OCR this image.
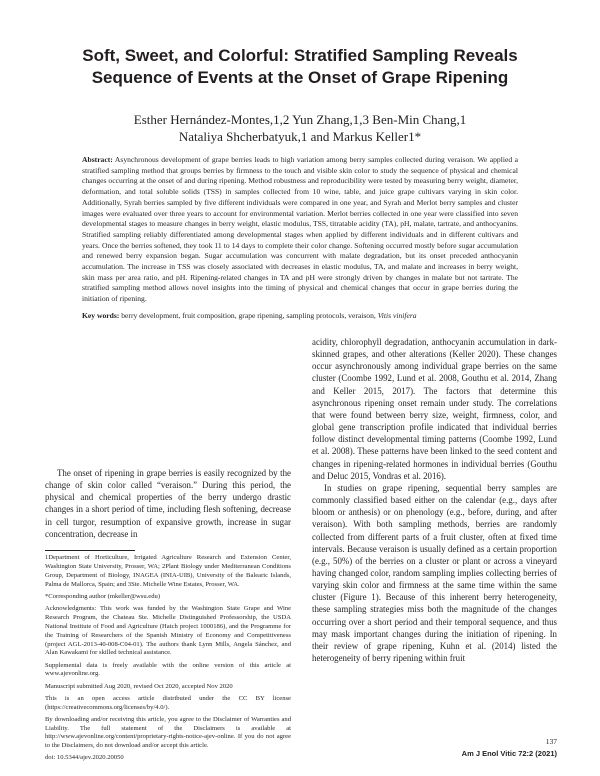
Soft, Sweet, and Colorful: Stratified Sampling Reveals
Sequence of Events at the Onset of Grape Ripening
Esther Hernández-Montes,1,2 Yun Zhang,1,3 Ben-Min Chang,1
Nataliya Shcherbatyuk,1 and Markus Keller1*

Abstract: Asynchronous development of grape berries leads to high variation among berry samples collected during veraison. We applied a stratified sampling method that groups berries by firmness to the touch and visible skin color to study the sequence of physical and chemical changes occurring at the onset of and during ripening. Method robustness and reproducibility were tested by measuring berry weight, diameter, deformation, and total soluble solids (TSS) in samples collected from 10 wine, table, and juice grape cultivars varying in skin color. Additionally, Syrah berries sampled by five different individuals were compared in one year, and Syrah and Merlot berry samples and cluster images were evaluated over three years to account for environmental variation. Merlot berries collected in one year were classified into seven developmental stages to measure changes in berry weight, elastic modulus, TSS, titratable acidity (TA), pH, malate, tartrate, and anthocyanins. Stratified sampling reliably differentiated among developmental stages when applied by different individuals and in different cultivars and years. Once the berries softened, they took 11 to 14 days to complete their color change. Softening occurred mostly before sugar accumulation and renewed berry expansion began. Sugar accumulation was concurrent with malate degradation, but its onset preceded anthocyanin accumulation. The increase in TSS was closely associated with decreases in elastic modulus, TA, and malate and increases in berry weight, skin mass per area ratio, and pH. Ripening-related changes in TA and pH were strongly driven by changes in malate but not tartrate. The stratified sampling method allows novel insights into the timing of physical and chemical changes that occur in grape berries during the initiation of ripening.

Key words: berry development, fruit composition, grape ripening, sampling protocols, veraison, Vitis vinifera

The onset of ripening in grape berries is easily recognized by the change of skin color called “veraison.” During this period, the physical and chemical properties of the berry undergo drastic changes in a short period of time, including flesh softening, decrease in cell turgor, resumption of expansive growth, increase in sugar concentration, decrease in

1Department of Horticulture, Irrigated Agriculture Research and Extension Center, Washington State University, Prosser, WA; 2Plant Biology under Mediterranean Conditions Group, Department of Biology, INAGEA (INIA-UIB), University of the Balearic Islands, Palma de Mallorca, Spain; and 3Ste. Michelle Wine Estates, Prosser, WA.

*Corresponding author (mkeller@wsu.edu)

Acknowledgments: This work was funded by the Washington State Grape and Wine Research Program, the Chateau Ste. Michelle Distinguished Professorship, the USDA National Institute of Food and Agriculture (Hatch project 1000186), and the Programme for the Training of Researchers of the Spanish Ministry of Economy and Competitiveness (project AGL-2013-40-008-C04-01). The authors thank Lynn Mills, Angela Sánchez, and Alan Kawakami for skilled technical assistance.

Supplemental data is freely available with the online version of this article at www.ajevonline.org.

Manuscript submitted Aug 2020, revised Oct 2020, accepted Nov 2020

This is an open access article distributed under the CC BY license (https://creativecommons.org/licenses/by/4.0/).

By downloading and/or receiving this article, you agree to the Disclaimer of Warranties and Liability. The full statement of the Disclaimers is available at http://www.ajevonline.org/content/proprietary-rights-notice-ajev-online. If you do not agree to the Disclaimers, do not download and/or accept this article.

doi: 10.5344/ajev.2020.20050

acidity, chlorophyll degradation, anthocyanin accumulation in dark-skinned grapes, and other alterations (Keller 2020). These changes occur asynchronously among individual grape berries on the same cluster (Coombe 1992, Lund et al. 2008, Gouthu et al. 2014, Zhang and Keller 2015, 2017). The factors that determine this asynchronous ripening onset remain under study. The correlations that were found between berry size, weight, firmness, color, and global gene transcription profile indicated that individual berries follow distinct developmental timing patterns (Coombe 1992, Lund et al. 2008). These patterns have been linked to the seed content and changes in ripening-related hormones in individual berries (Gouthu and Deluc 2015, Vondras et al. 2016).

In studies on grape ripening, sequential berry samples are commonly classified based either on the calendar (e.g., days after bloom or anthesis) or on phenology (e.g., before, during, and after veraison). With both sampling methods, berries are randomly collected from different parts of a fruit cluster, often at fixed time intervals. Because veraison is usually defined as a certain proportion (e.g., 50%) of the berries on a cluster or plant or across a vineyard having changed color, random sampling implies collecting berries of varying skin color and firmness at the same time within the same cluster (Figure 1). Because of this inherent berry heterogeneity, these sampling strategies miss both the magnitude of the changes occurring over a short period and their temporal sequence, and thus may mask important changes during the initiation of ripening. In their review of grape ripening, Kuhn et al. (2014) listed the heterogeneity of berry ripening within fruit

137
Am J Enol Vitic 72:2 (2021)
